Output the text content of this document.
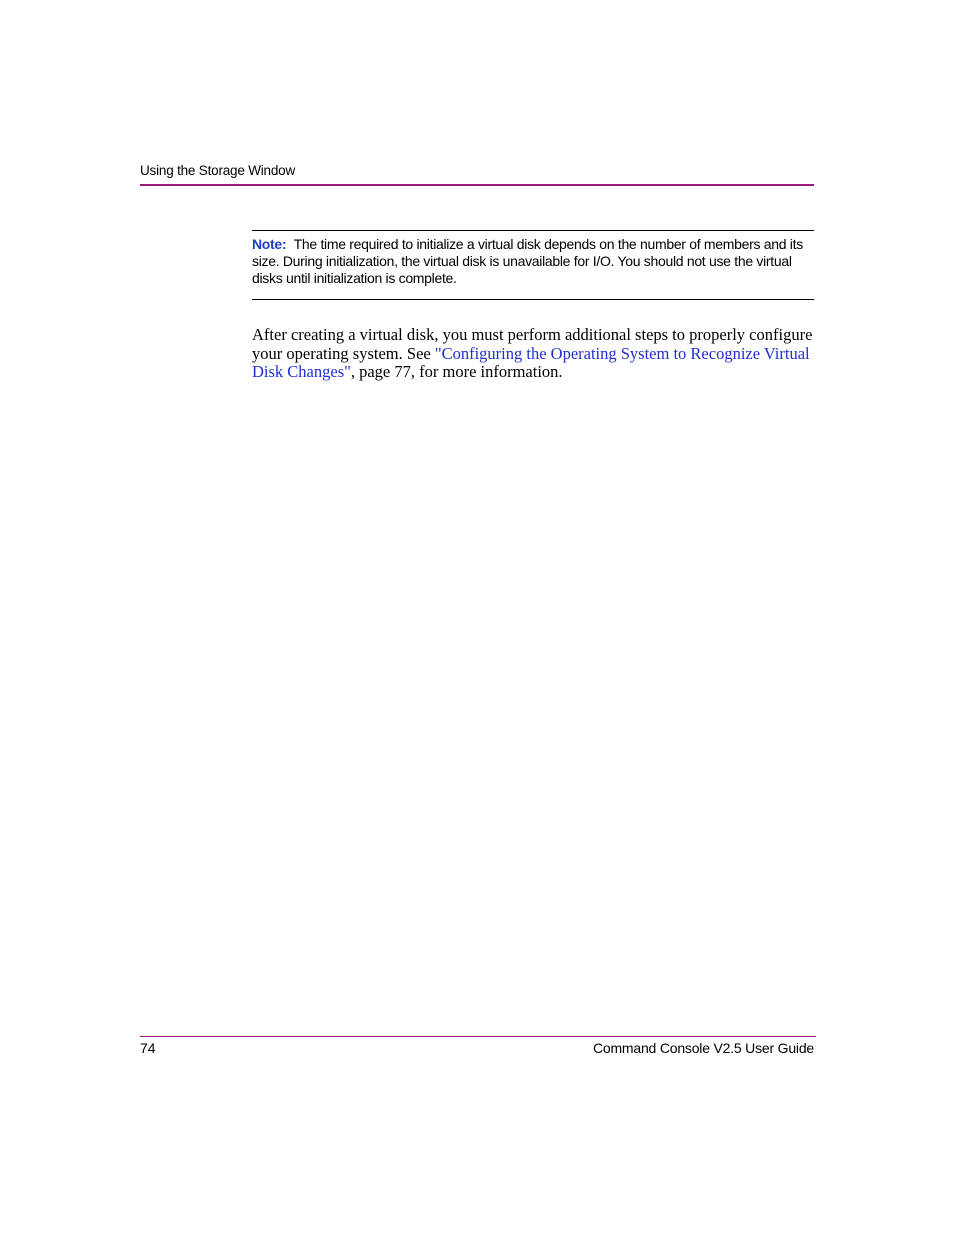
Using the Storage Window

Note: The time required to initialize a virtual disk depends on the number of members and its size. During initialization, the virtual disk is unavailable for I/O. You should not use the virtual disks until initialization is complete.

After creating a virtual disk, you must perform additional steps to properly configure your operating system. See "Configuring the Operating System to Recognize Virtual Disk Changes", page 77, for more information.

74	Command Console V2.5 User Guide
